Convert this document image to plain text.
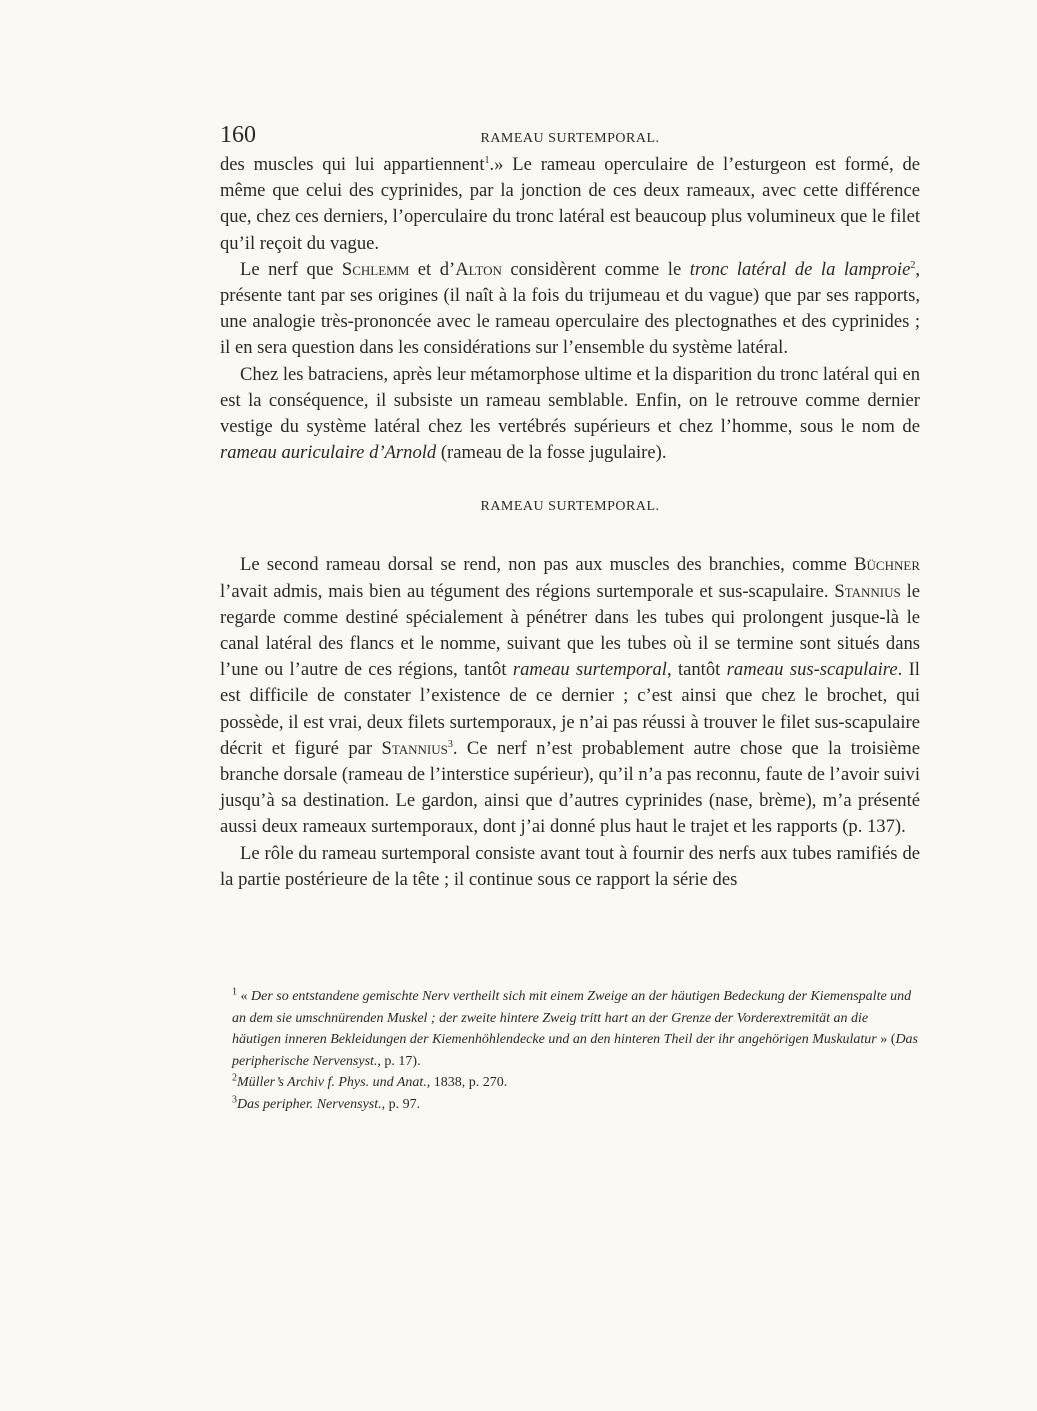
160	RAMEAU SURTEMPORAL.

des muscles qui lui appartiennent$^1$.» Le rameau operculaire de l’esturgeon est formé, de même que celui des cyprinides, par la jonction de ces deux rameaux, avec cette différence que, chez ces derniers, l’operculaire du tronc latéral est beaucoup plus volumineux que le filet qu’il reçoit du vague.

Le nerf que Schlemm et d’Alton considèrent comme le tronc latéral de la lamproie$^2$, présente tant par ses origines (il naît à la fois du trijumeau et du vague) que par ses rapports, une analogie très-prononcée avec le rameau operculaire des plectognathes et des cyprinides ; il en sera question dans les considérations sur l’ensemble du système latéral.

Chez les batraciens, après leur métamorphose ultime et la disparition du tronc latéral qui en est la conséquence, il subsiste un rameau semblable. Enfin, on le retrouve comme dernier vestige du système latéral chez les vertébrés supérieurs et chez l’homme, sous le nom de rameau auriculaire d’Arnold (rameau de la fosse jugulaire).

RAMEAU SURTEMPORAL.

Le second rameau dorsal se rend, non pas aux muscles des branchies, comme Büchner l’avait admis, mais bien au tégument des régions surtemporale et sus-scapulaire. Stannius le regarde comme destiné spécialement à pénétrer dans les tubes qui prolongent jusque-là le canal latéral des flancs et le nomme, suivant que les tubes où il se termine sont situés dans l’une ou l’autre de ces régions, tantôt rameau surtemporal, tantôt rameau sus-scapulaire. Il est difficile de constater l’existence de ce dernier ; c’est ainsi que chez le brochet, qui possède, il est vrai, deux filets surtemporaux, je n’ai pas réussi à trouver le filet sus-scapulaire décrit et figuré par Stannius$^3$. Ce nerf n’est probablement autre chose que la troisième branche dorsale (rameau de l’interstice supérieur), qu’il n’a pas reconnu, faute de l’avoir suivi jusqu’à sa destination. Le gardon, ainsi que d’autres cyprinides (nase, brème), m’a présenté aussi deux rameaux surtemporaux, dont j’ai donné plus haut le trajet et les rapports (p. 137).

Le rôle du rameau surtemporal consiste avant tout à fournir des nerfs aux tubes ramifiés de la partie postérieure de la tête ; il continue sous ce rapport la série des

$^1$ « Der so entstandene gemischte Nerv vertheilt sich mit einem Zweige an der häutigen Bedeckung der Kiemenspalte und an dem sie umschnürenden Muskel ; der zweite hintere Zweig tritt hart an der Grenze der Vorderextremität an die häutigen inneren Bekleidungen der Kiemenhöhlendecke und an den hinteren Theil der ihr angehörigen Muskulatur » (Das peripherische Nervensyst., p. 17).

$^2$Müller’s Archiv f. Phys. und Anat., 1838, p. 270.

$^3$Das peripher. Nervensyst., p. 97.
